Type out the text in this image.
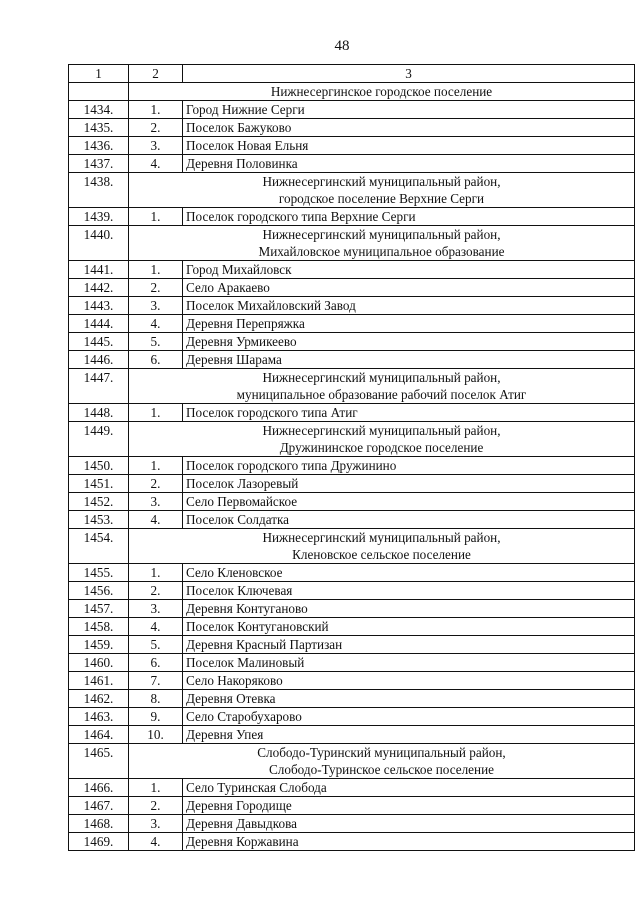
48
1	2	3

	Нижнесергинское городское поселение	

1434.	1.	Город Нижние Серги
1435.	2.	Поселок Бажуково
1436.	3.	Поселок Новая Ельня
1437.	4.	Деревня Половинка
1438.	Нижнесергинский муниципальный район,
городское поселение Верхние Серги	

1439.	1.	Поселок городского типа Верхние Серги
1440.	Нижнесергинский муниципальный район,
Михайловское муниципальное образование	

1441.	1.	Город Михайловск
1442.	2.	Село Аракаево
1443.	3.	Поселок Михайловский Завод
1444.	4.	Деревня Перепряжка
1445.	5.	Деревня Урмикеево
1446.	6.	Деревня Шарама
1447.	Нижнесергинский муниципальный район,
муниципальное образование рабочий поселок Атиг	

1448.	1.	Поселок городского типа Атиг
1449.	Нижнесергинский муниципальный район,
Дружининское городское поселение	

1450.	1.	Поселок городского типа Дружинино
1451.	2.	Поселок Лазоревый
1452.	3.	Село Первомайское
1453.	4.	Поселок Солдатка
1454.	Нижнесергинский муниципальный район,
Кленовское сельское поселение	

1455.	1.	Село Кленовское
1456.	2.	Поселок Ключевая
1457.	3.	Деревня Контуганово
1458.	4.	Поселок Контугановский
1459.	5.	Деревня Красный Партизан
1460.	6.	Поселок Малиновый
1461.	7.	Село Накоряково
1462.	8.	Деревня Отевка
1463.	9.	Село Старобухарово
1464.	10.	Деревня Упея
1465.	Слободо-Туринский муниципальный район,
Слободо-Туринское сельское поселение	

1466.	1.	Село Туринская Слобода
1467.	2.	Деревня Городище
1468.	3.	Деревня Давыдкова
1469.	4.	Деревня Коржавина
